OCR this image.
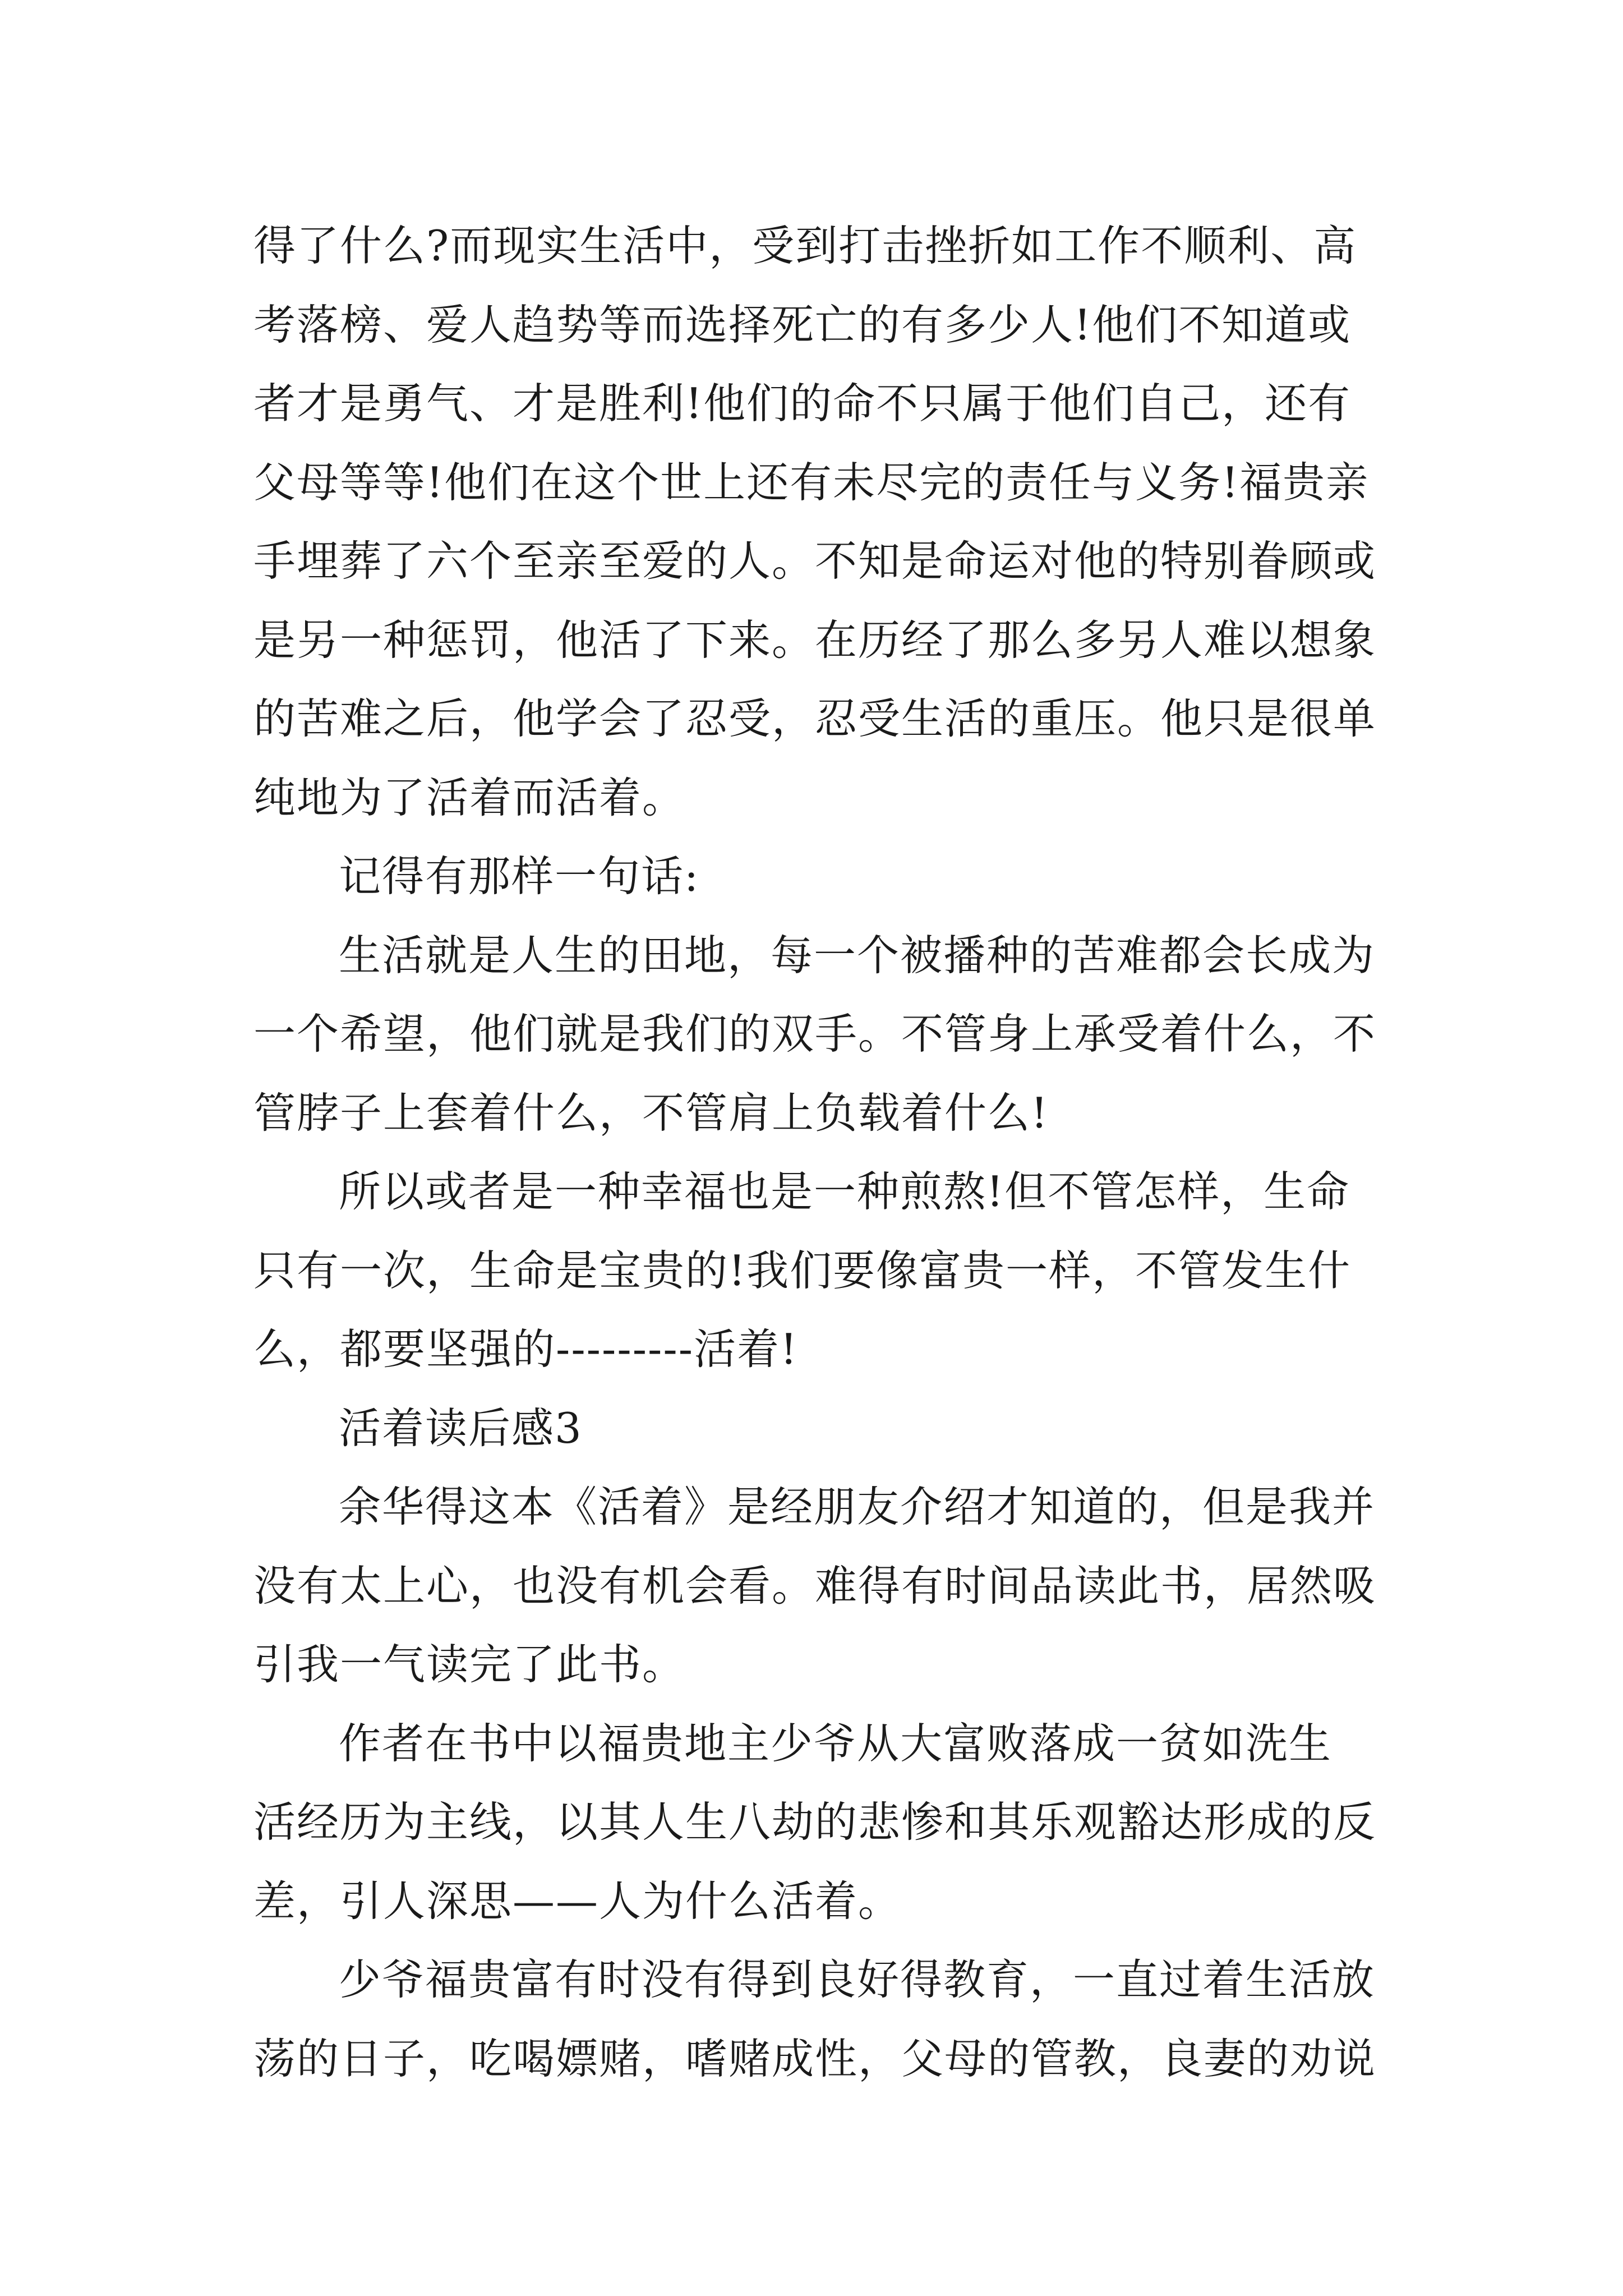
得了什么?而现实生活中，受到打击挫折如工作不顺利、高
考落榜、爱人趋势等而选择死亡的有多少人!他们不知道或
者才是勇气、才是胜利!他们的命不只属于他们自己，还有
父母等等!他们在这个世上还有未尽完的责任与义务!福贵亲
手埋葬了六个至亲至爱的人。不知是命运对他的特别眷顾或
是另一种惩罚，他活了下来。在历经了那么多另人难以想象
的苦难之后，他学会了忍受，忍受生活的重压。他只是很单
纯地为了活着而活着。
记得有那样一句话:
生活就是人生的田地，每一个被播种的苦难都会长成为
一个希望，他们就是我们的双手。不管身上承受着什么，不
管脖子上套着什么，不管肩上负载着什么!
所以或者是一种幸福也是一种煎熬!但不管怎样，生命
只有一次，生命是宝贵的!我们要像富贵一样，不管发生什
么，都要坚强的---------活着!
活着读后感3
余华得这本《活着》是经朋友介绍才知道的，但是我并
没有太上心，也没有机会看。难得有时间品读此书，居然吸
引我一气读完了此书。
作者在书中以福贵地主少爷从大富败落成一贫如洗生
活经历为主线，以其人生八劫的悲惨和其乐观豁达形成的反
差，引人深思——人为什么活着。
少爷福贵富有时没有得到良好得教育，一直过着生活放
荡的日子，吃喝嫖赌，嗜赌成性，父母的管教，良妻的劝说
